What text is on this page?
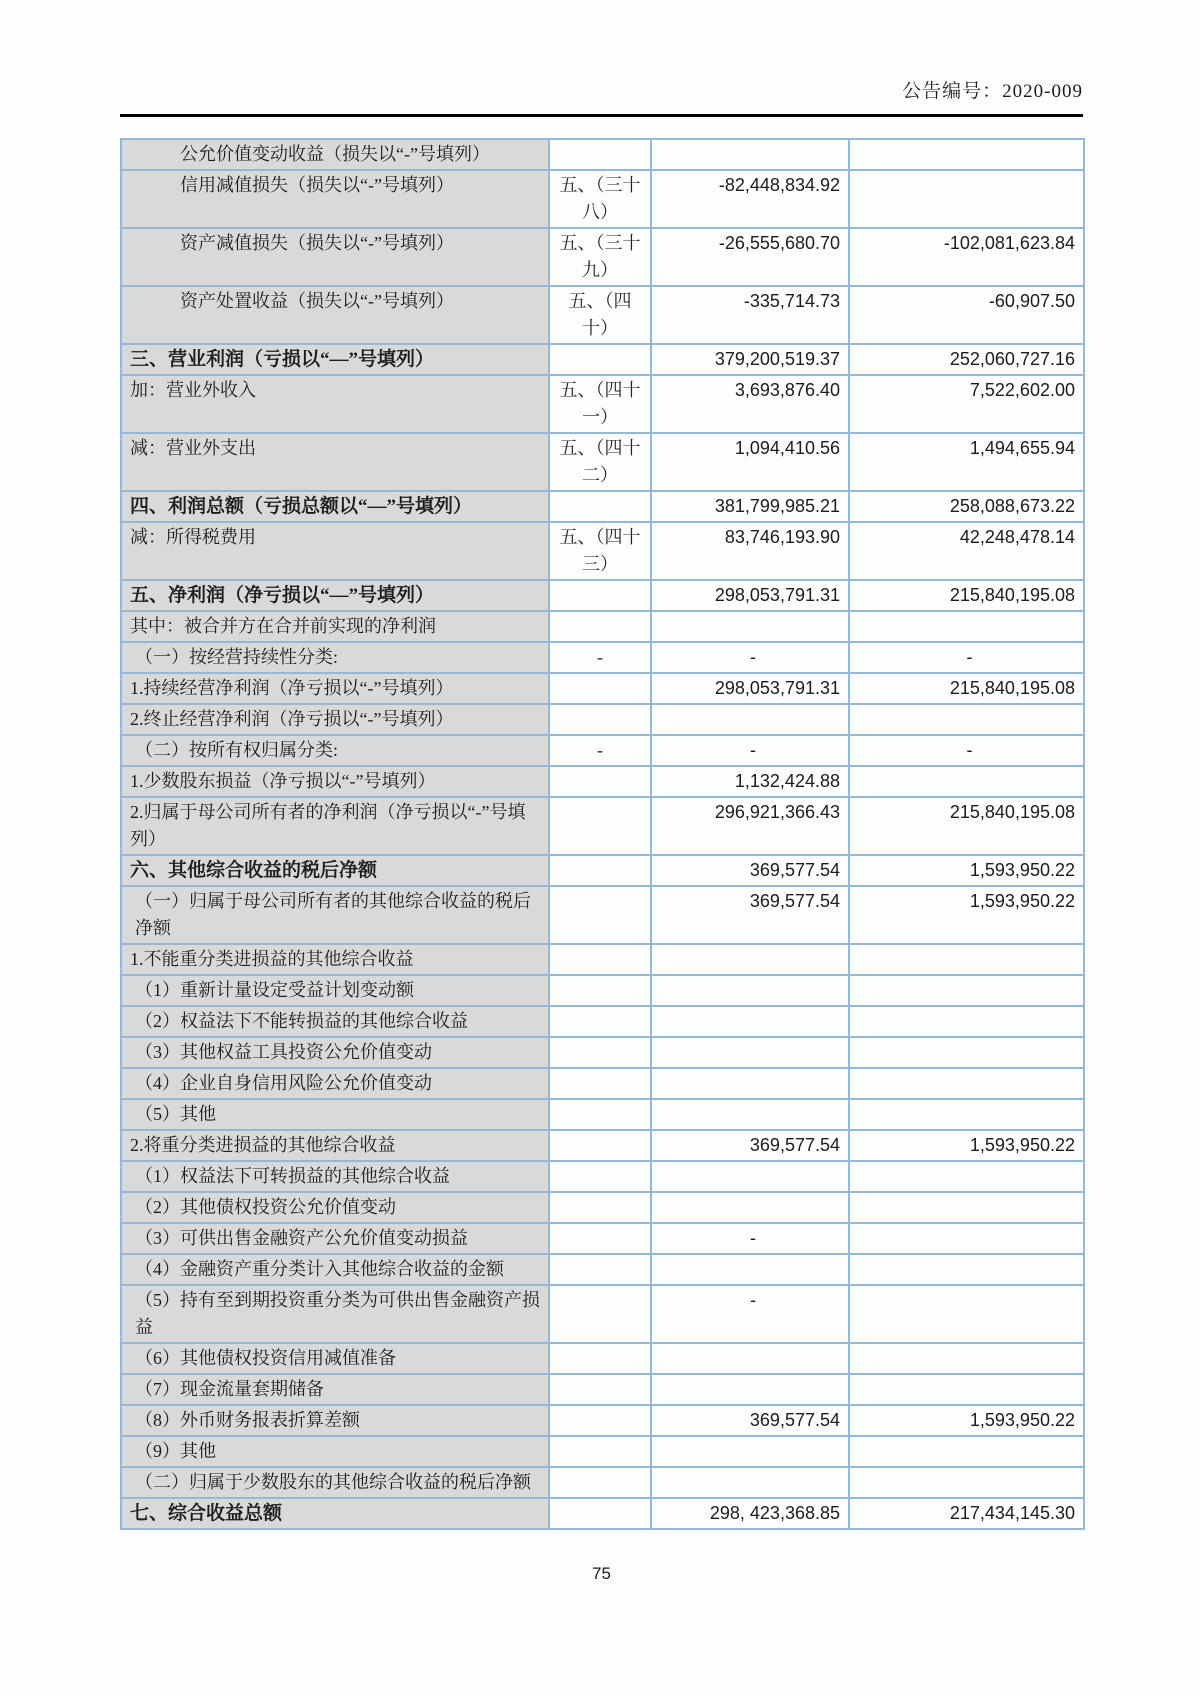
公告编号：2020-009
公允价值变动收益（损失以“-”号填列）			
信用减值损失（损失以“-”号填列）	五、（三十八）	-82,448,834.92	
资产减值损失（损失以“-”号填列）	五、（三十九）	-26,555,680.70	-102,081,623.84
资产处置收益（损失以“-”号填列）	五、（四十）	-335,714.73	-60,907.50
三、营业利润（亏损以“—”号填列）		379,200,519.37	252,060,727.16
加：营业外收入	五、（四十一）	3,693,876.40	7,522,602.00
减：营业外支出	五、（四十二）	1,094,410.56	1,494,655.94
四、利润总额（亏损总额以“—”号填列）		381,799,985.21	258,088,673.22
减：所得税费用	五、（四十三）	83,746,193.90	42,248,478.14
五、净利润（净亏损以“—”号填列）		298,053,791.31	215,840,195.08
其中：被合并方在合并前实现的净利润			
（一）按经营持续性分类:	-	-	-
1.持续经营净利润（净亏损以“-”号填列）		298,053,791.31	215,840,195.08
2.终止经营净利润（净亏损以“-”号填列）			
（二）按所有权归属分类:	-	-	-
1.少数股东损益（净亏损以“-”号填列）		1,132,424.88	
2.归属于母公司所有者的净利润（净亏损以“-”号填列）		296,921,366.43	215,840,195.08
六、其他综合收益的税后净额		369,577.54	1,593,950.22
（一）归属于母公司所有者的其他综合收益的税后净额		369,577.54	1,593,950.22
1.不能重分类进损益的其他综合收益			
（1）重新计量设定受益计划变动额			
（2）权益法下不能转损益的其他综合收益			
（3）其他权益工具投资公允价值变动			
（4）企业自身信用风险公允价值变动			
（5）其他			
2.将重分类进损益的其他综合收益		369,577.54	1,593,950.22
（1）权益法下可转损益的其他综合收益			
（2）其他债权投资公允价值变动			
（3）可供出售金融资产公允价值变动损益		-	
（4）金融资产重分类计入其他综合收益的金额			
（5）持有至到期投资重分类为可供出售金融资产损益		-	
（6）其他债权投资信用减值准备			
（7）现金流量套期储备			
（8）外币财务报表折算差额		369,577.54	1,593,950.22
（9）其他			
（二）归属于少数股东的其他综合收益的税后净额			
七、综合收益总额		298, 423,368.85	217,434,145.30
75
